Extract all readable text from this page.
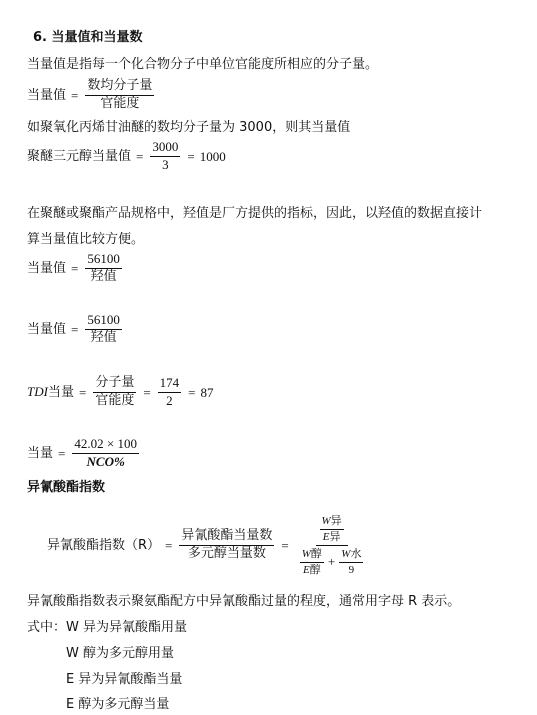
6. 当量值和当量数
当量值是指每一个化合物分子中单位官能度所相应的分子量。
当量值 = $\frac{\text{数均分子量}}{\text{官能度}}$
如聚氧化丙烯甘油醚的数均分子量为 3000，则其当量值
聚醚三元醇当量值 = $\frac{3000}{3} = 1000$
在聚醚或聚酯产品规格中，羟值是厂方提供的指标，因此，以羟值的数据直接计
算当量值比较方便。
当量值 = $\frac{56100}{\text{羟值}}$
当量值 = $\frac{56100}{\text{羟值}}$
TDI当量 = $\frac{\text{分子量}}{\text{官能度}} = \frac{174}{2} = 87$
当量 = $\frac{42.02 \times 100}{\text{NCO\%}}$
异氰酸酯指数
异氰酸酯指数$(R) = \frac{\text{异氰酸酯当量数}}{\text{多元醇当量数}} = \frac{\frac{\text{W异}}{\text{E异}}}{\frac{\text{W醇}}{\text{E醇}} + \frac{\text{W水}}{9}}$
异氰酸酯指数表示聚氨酯配方中异氰酸酯过量的程度，通常用字母 R 表示。
式中：W 异为异氰酸酯用量
W 醇为多元醇用量
E 异为异氰酸酯当量
E 醇为多元醇当量
